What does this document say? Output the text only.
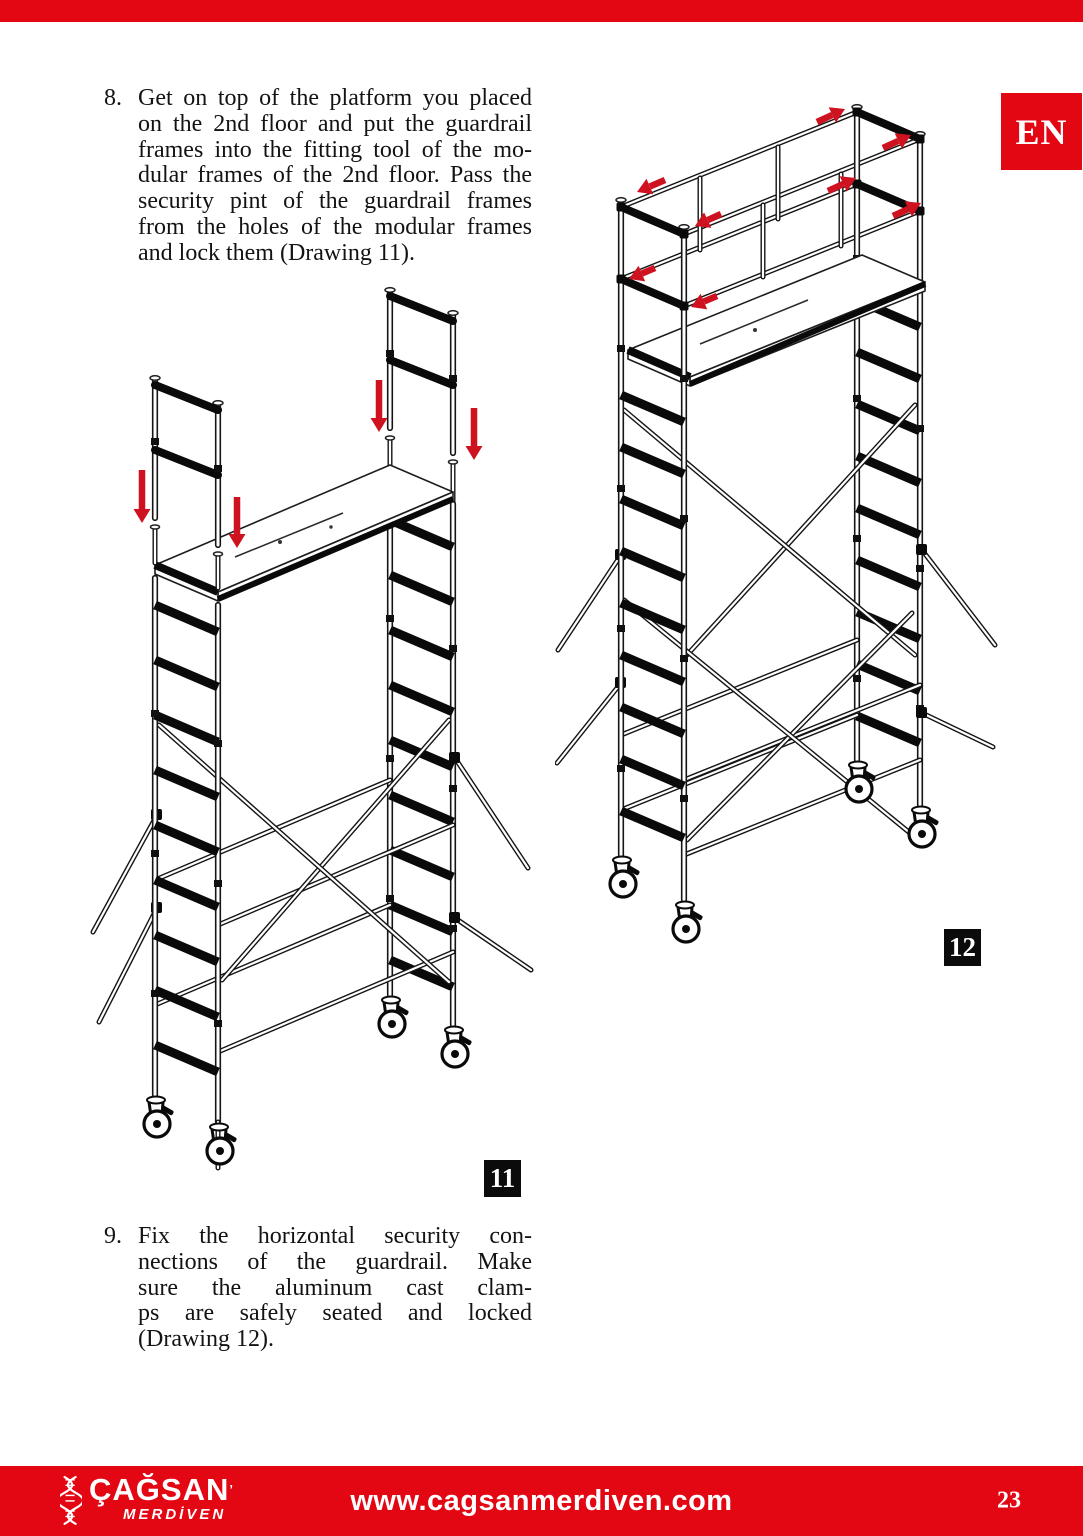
EN
8. Get on top of the platform you placed
on the 2nd floor and put the guardrail
frames into the fitting tool of the mo-
dular frames of the 2nd floor. Pass the
security pint of the guardrail frames
from the holes of the modular frames
and lock them (Drawing 11).
9. Fix the horizontal security con-
nections of the guardrail. Make
sure the aluminum cast clam-
ps are safely seated and locked
(Drawing 12).
11
12
ÇAĞSAN’
MERDİVEN	www.cagsanmerdiven.com	23
